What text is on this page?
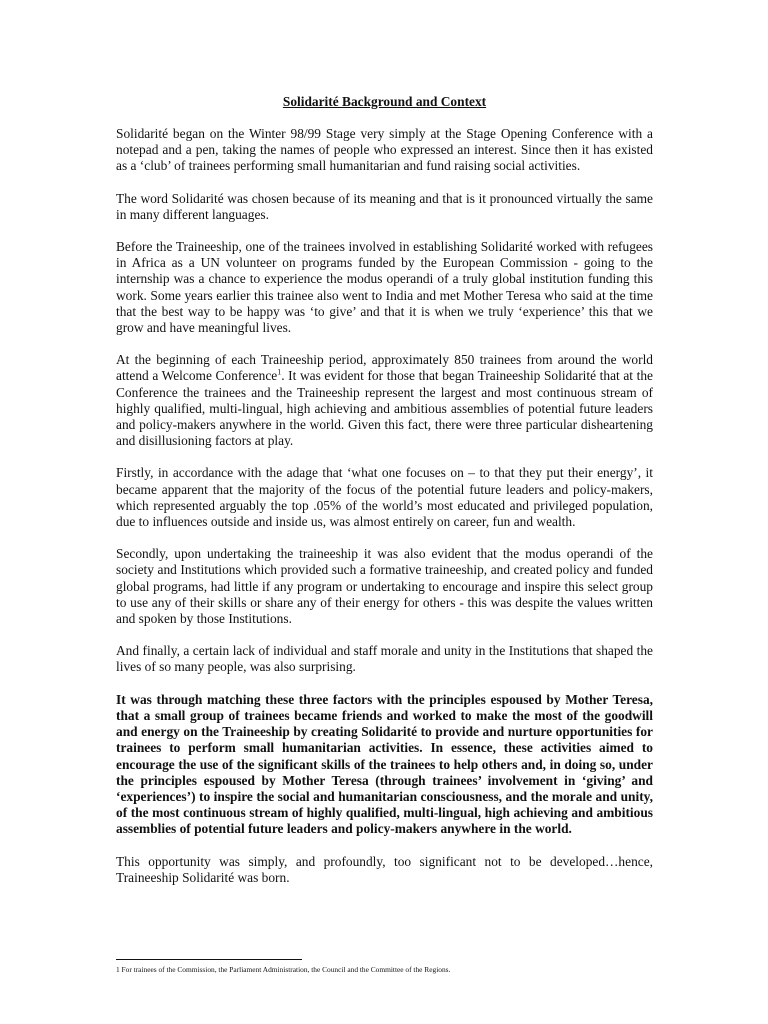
Solidarité Background and Context

Solidarité began on the Winter 98/99 Stage very simply at the Stage Opening Conference with a notepad and a pen, taking the names of people who expressed an interest. Since then it has existed as a ‘club’ of trainees performing small humanitarian and fund raising social activities.

The word Solidarité was chosen because of its meaning and that is it pronounced virtually the same in many different languages.

Before the Traineeship, one of the trainees involved in establishing Solidarité worked with refugees in Africa as a UN volunteer on programs funded by the European Commission - going to the internship was a chance to experience the modus operandi of a truly global institution funding this work. Some years earlier this trainee also went to India and met Mother Teresa who said at the time that the best way to be happy was ‘to give’ and that it is when we truly ‘experience’ this that we grow and have meaningful lives.

At the beginning of each Traineeship period, approximately 850 trainees from around the world attend a Welcome Conference$^1$. It was evident for those that began Traineeship Solidarité that at the Conference the trainees and the Traineeship represent the largest and most continuous stream of highly qualified, multi-lingual, high achieving and ambitious assemblies of potential future leaders and policy-makers anywhere in the world. Given this fact, there were three particular disheartening and disillusioning factors at play.

Firstly, in accordance with the adage that ‘what one focuses on – to that they put their energy’, it became apparent that the majority of the focus of the potential future leaders and policy-makers, which represented arguably the top .05% of the world’s most educated and privileged population, due to influences outside and inside us, was almost entirely on career, fun and wealth.

Secondly, upon undertaking the traineeship it was also evident that the modus operandi of the society and Institutions which provided such a formative traineeship, and created policy and funded global programs, had little if any program or undertaking to encourage and inspire this select group to use any of their skills or share any of their energy for others - this was despite the values written and spoken by those Institutions.

And finally, a certain lack of individual and staff morale and unity in the Institutions that shaped the lives of so many people, was also surprising.

It was through matching these three factors with the principles espoused by Mother Teresa, that a small group of trainees became friends and worked to make the most of the goodwill and energy on the Traineeship by creating Solidarité to provide and nurture opportunities for trainees to perform small humanitarian activities. In essence, these activities aimed to encourage the use of the significant skills of the trainees to help others and, in doing so, under the principles espoused by Mother Teresa (through trainees’ involvement in ‘giving’ and ‘experiences’) to inspire the social and humanitarian consciousness, and the morale and unity, of the most continuous stream of highly qualified, multi-lingual, high achieving and ambitious assemblies of potential future leaders and policy-makers anywhere in the world.

This opportunity was simply, and profoundly, too significant not to be developed…hence, Traineeship Solidarité was born.

1 For trainees of the Commission, the Parliament Administration, the Council and the Committee of the Regions.
